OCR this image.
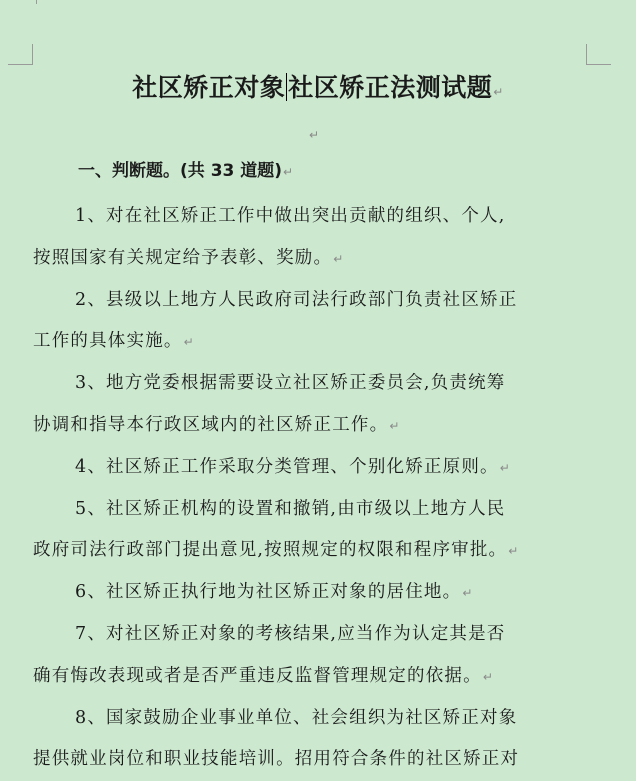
社区矫正对象 社区矫正法测试题↵
↵
一、判断题。(共 33 道题)↵
1、对在社区矫正工作中做出突出贡献的组织、个人,
按照国家有关规定给予表彰、奖励。↵
2、县级以上地方人民政府司法行政部门负责社区矫正
工作的具体实施。↵
3、地方党委根据需要设立社区矫正委员会,负责统筹
协调和指导本行政区域内的社区矫正工作。↵
4、社区矫正工作采取分类管理、个别化矫正原则。↵
5、社区矫正机构的设置和撤销,由市级以上地方人民
政府司法行政部门提出意见,按照规定的权限和程序审批。↵
6、社区矫正执行地为社区矫正对象的居住地。↵
7、对社区矫正对象的考核结果,应当作为认定其是否
确有悔改表现或者是否严重违反监督管理规定的依据。↵
8、国家鼓励企业事业单位、社会组织为社区矫正对象
提供就业岗位和职业技能培训。招用符合条件的社区矫正对
